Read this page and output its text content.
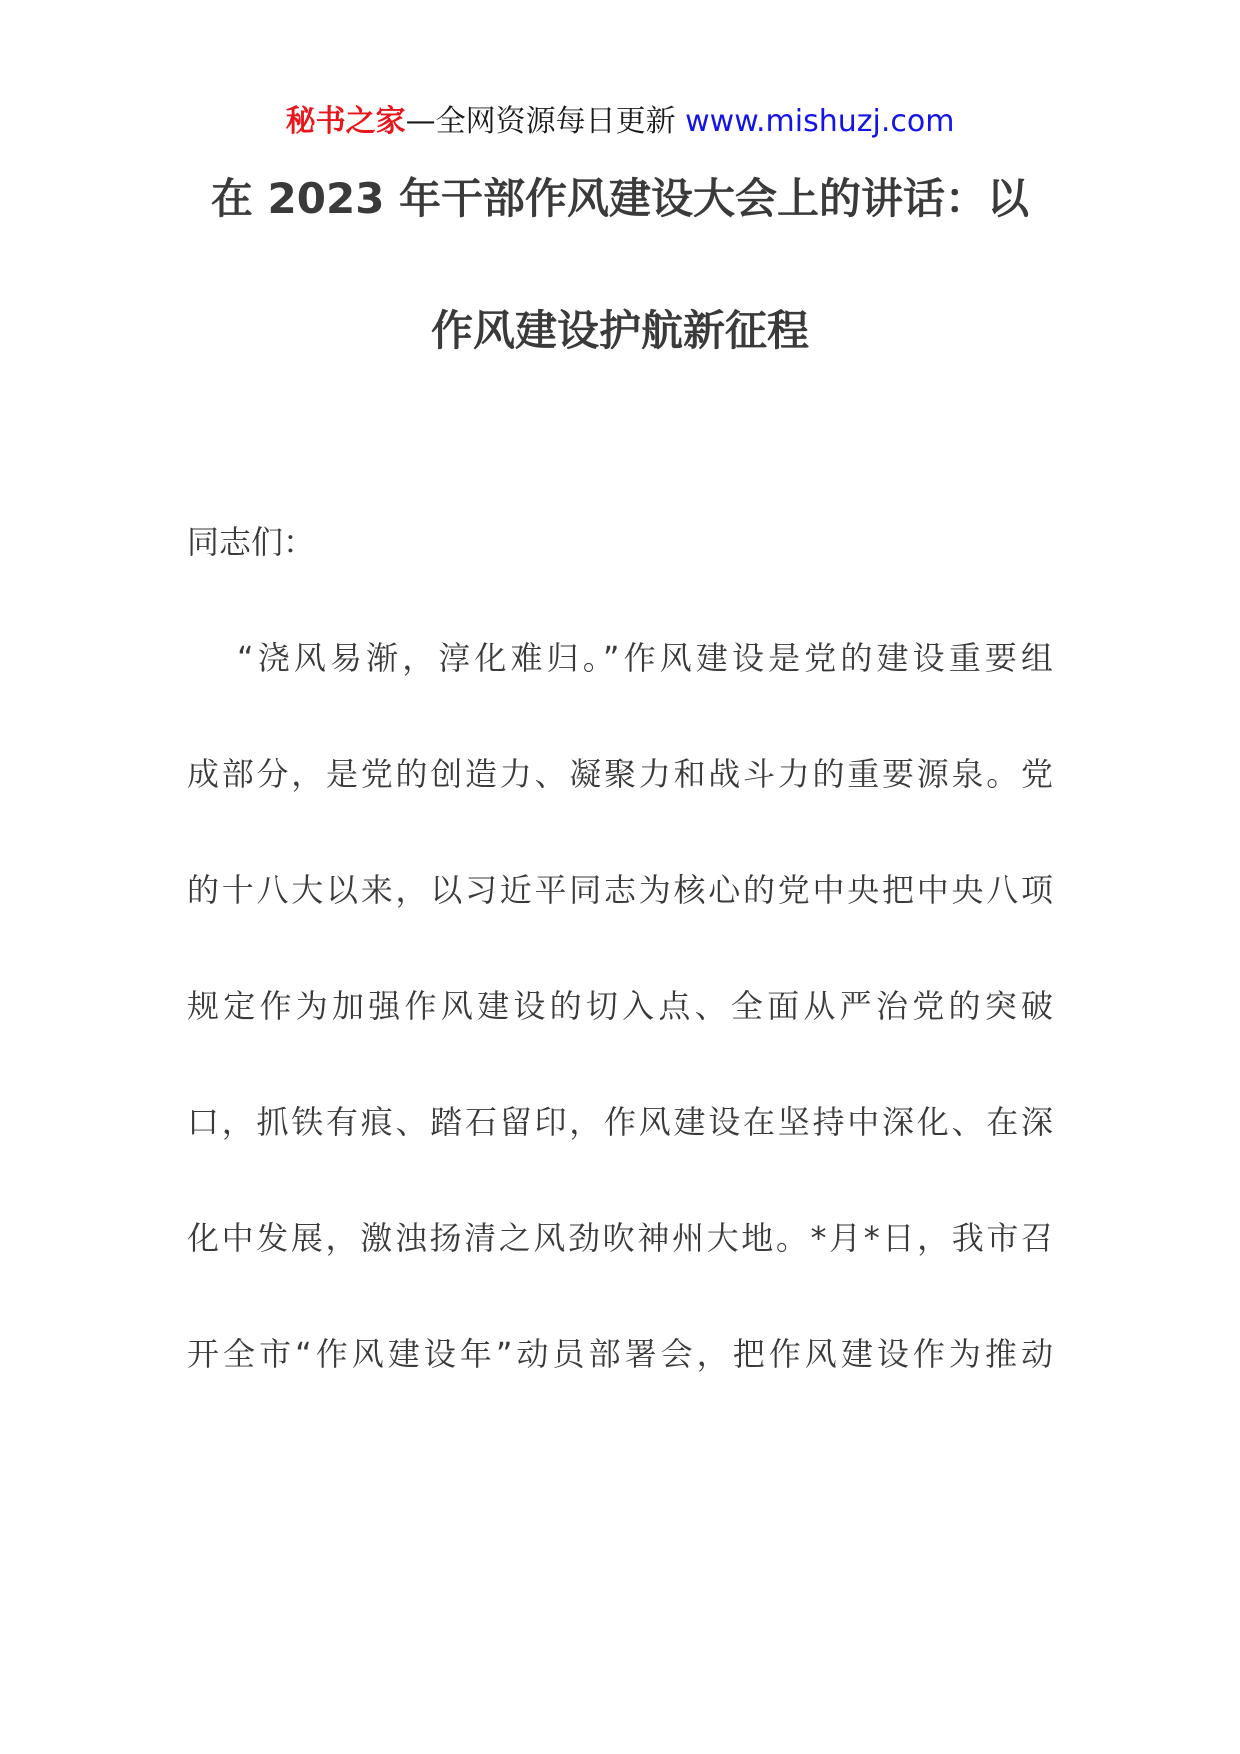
秘书之家—全网资源每日更新 www.mishuzj.com
在 2023 年干部作风建设大会上的讲话：以
作风建设护航新征程
同志们：
“浇风易渐，淳化难归。”作风建设是党的建设重要组
成部分，是党的创造力、凝聚力和战斗力的重要源泉。党
的十八大以来，以习近平同志为核心的党中央把中央八项
规定作为加强作风建设的切入点、全面从严治党的突破
口，抓铁有痕、踏石留印，作风建设在坚持中深化、在深
化中发展，激浊扬清之风劲吹神州大地。*月*日，我市召
开全市“作风建设年”动员部署会，把作风建设作为推动
